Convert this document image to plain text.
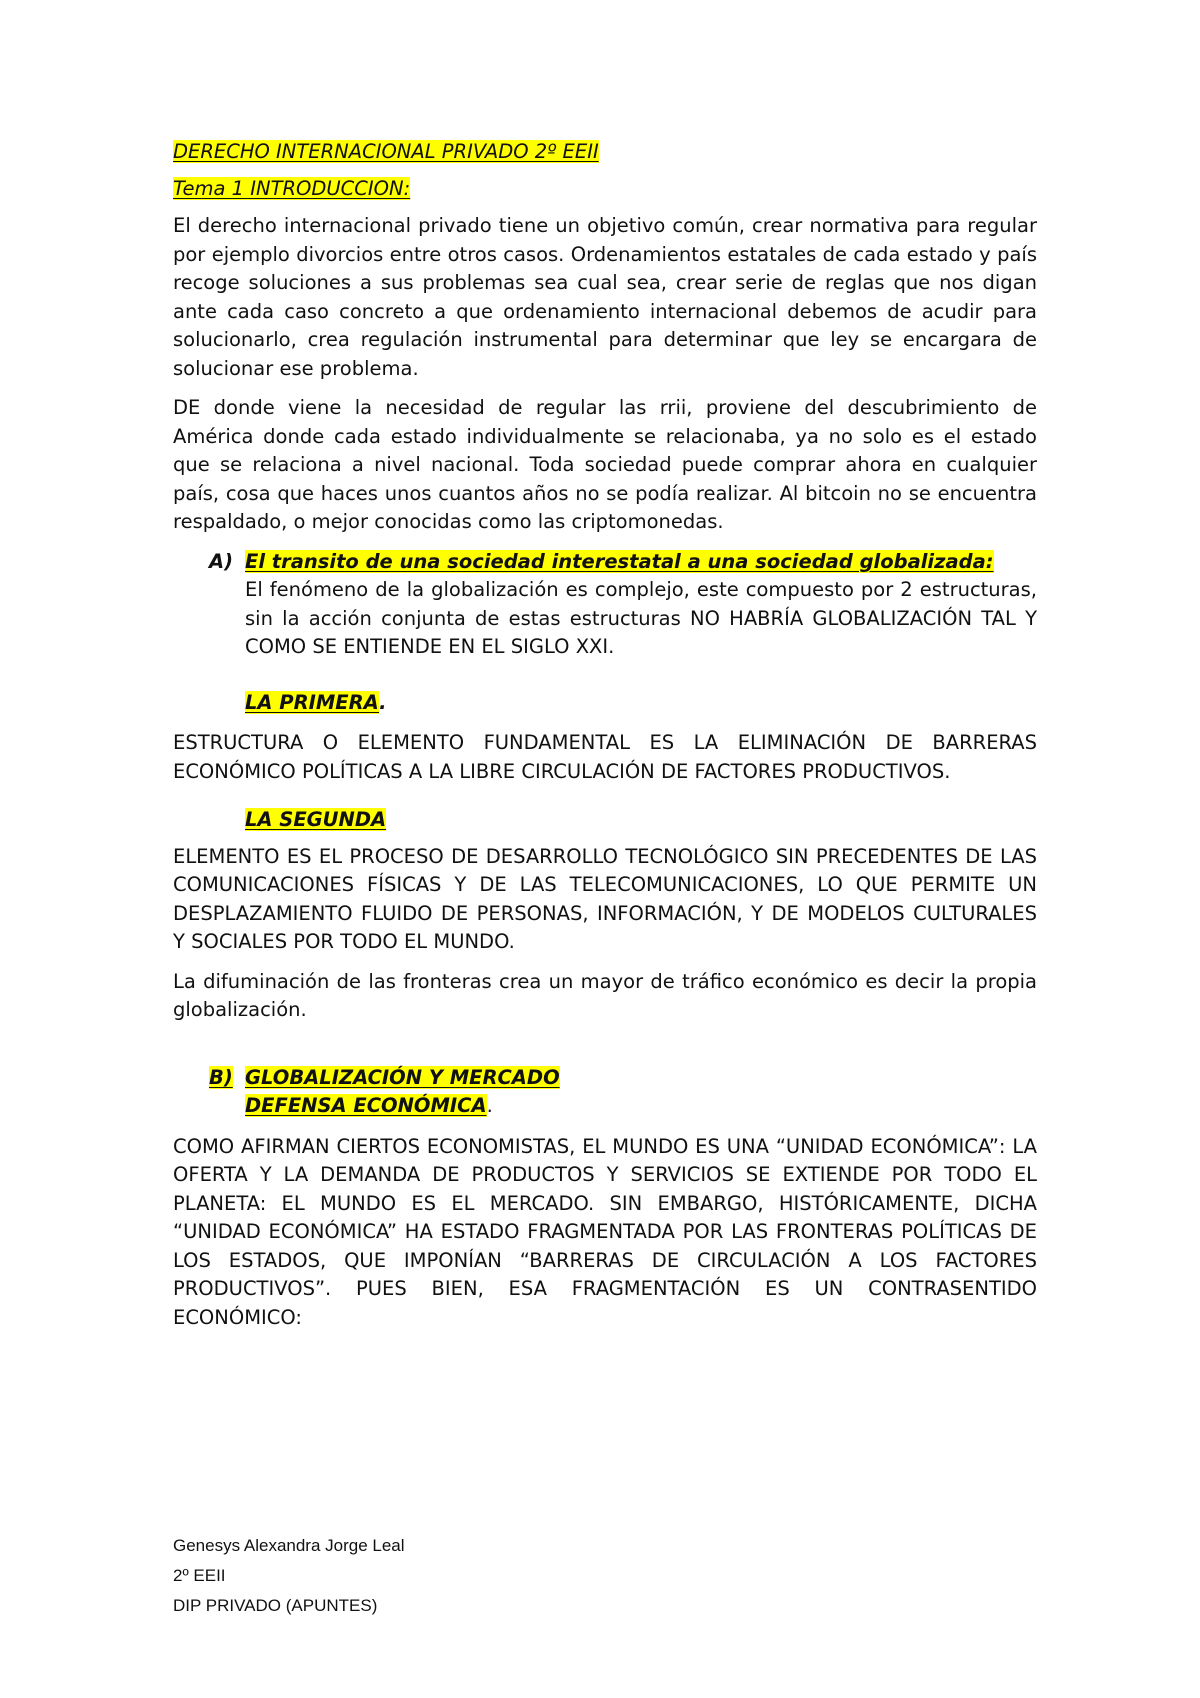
DERECHO INTERNACIONAL PRIVADO 2º EEII
Tema 1 INTRODUCCION:

El derecho internacional privado tiene un objetivo común, crear normativa para regular por ejemplo divorcios entre otros casos. Ordenamientos estatales de cada estado y país recoge soluciones a sus problemas sea cual sea, crear serie de reglas que nos digan ante cada caso concreto a que ordenamiento internacional debemos de acudir para solucionarlo, crea regulación instrumental para determinar que ley se encargara de solucionar ese problema.

DE donde viene la necesidad de regular las rrii, proviene del descubrimiento de América donde cada estado individualmente se relacionaba, ya no solo es el estado que se relaciona a nivel nacional. Toda sociedad puede comprar ahora en cualquier país, cosa que haces unos cuantos años no se podía realizar. Al bitcoin no se encuentra respaldado, o mejor conocidas como las criptomonedas.

A) El transito de una sociedad interestatal a una sociedad globalizada:
El fenómeno de la globalización es complejo, este compuesto por 2 estructuras, sin la acción conjunta de estas estructuras NO HABRÍA GLOBALIZACIÓN TAL Y COMO SE ENTIENDE EN EL SIGLO XXI.
LA PRIMERA.

ESTRUCTURA O ELEMENTO FUNDAMENTAL ES LA ELIMINACIÓN DE BARRERAS ECONÓMICO POLÍTICAS A LA LIBRE CIRCULACIÓN DE FACTORES PRODUCTIVOS.

LA SEGUNDA

ELEMENTO ES EL PROCESO DE DESARROLLO TECNOLÓGICO SIN PRECEDENTES DE LAS COMUNICACIONES FÍSICAS Y DE LAS TELECOMUNICACIONES, LO QUE PERMITE UN DESPLAZAMIENTO FLUIDO DE PERSONAS, INFORMACIÓN, Y DE MODELOS CULTURALES Y SOCIALES POR TODO EL MUNDO.

La difuminación de las fronteras crea un mayor de tráfico económico es decir la propia globalización.

B) GLOBALIZACIÓN Y MERCADO
DEFENSA ECONÓMICA.

COMO AFIRMAN CIERTOS ECONOMISTAS, EL MUNDO ES UNA “UNIDAD ECONÓMICA”: LA OFERTA Y LA DEMANDA DE PRODUCTOS Y SERVICIOS SE EXTIENDE POR TODO EL PLANETA: EL MUNDO ES EL MERCADO. SIN EMBARGO, HISTÓRICAMENTE, DICHA “UNIDAD ECONÓMICA” HA ESTADO FRAGMENTADA POR LAS FRONTERAS POLÍTICAS DE LOS ESTADOS, QUE IMPONÍAN “BARRERAS DE CIRCULACIÓN A LOS FACTORES PRODUCTIVOS”. PUES BIEN, ESA FRAGMENTACIÓN ES UN CONTRASENTIDO ECONÓMICO:

Genesys Alexandra Jorge Leal
2º EEII
DIP PRIVADO (APUNTES)
